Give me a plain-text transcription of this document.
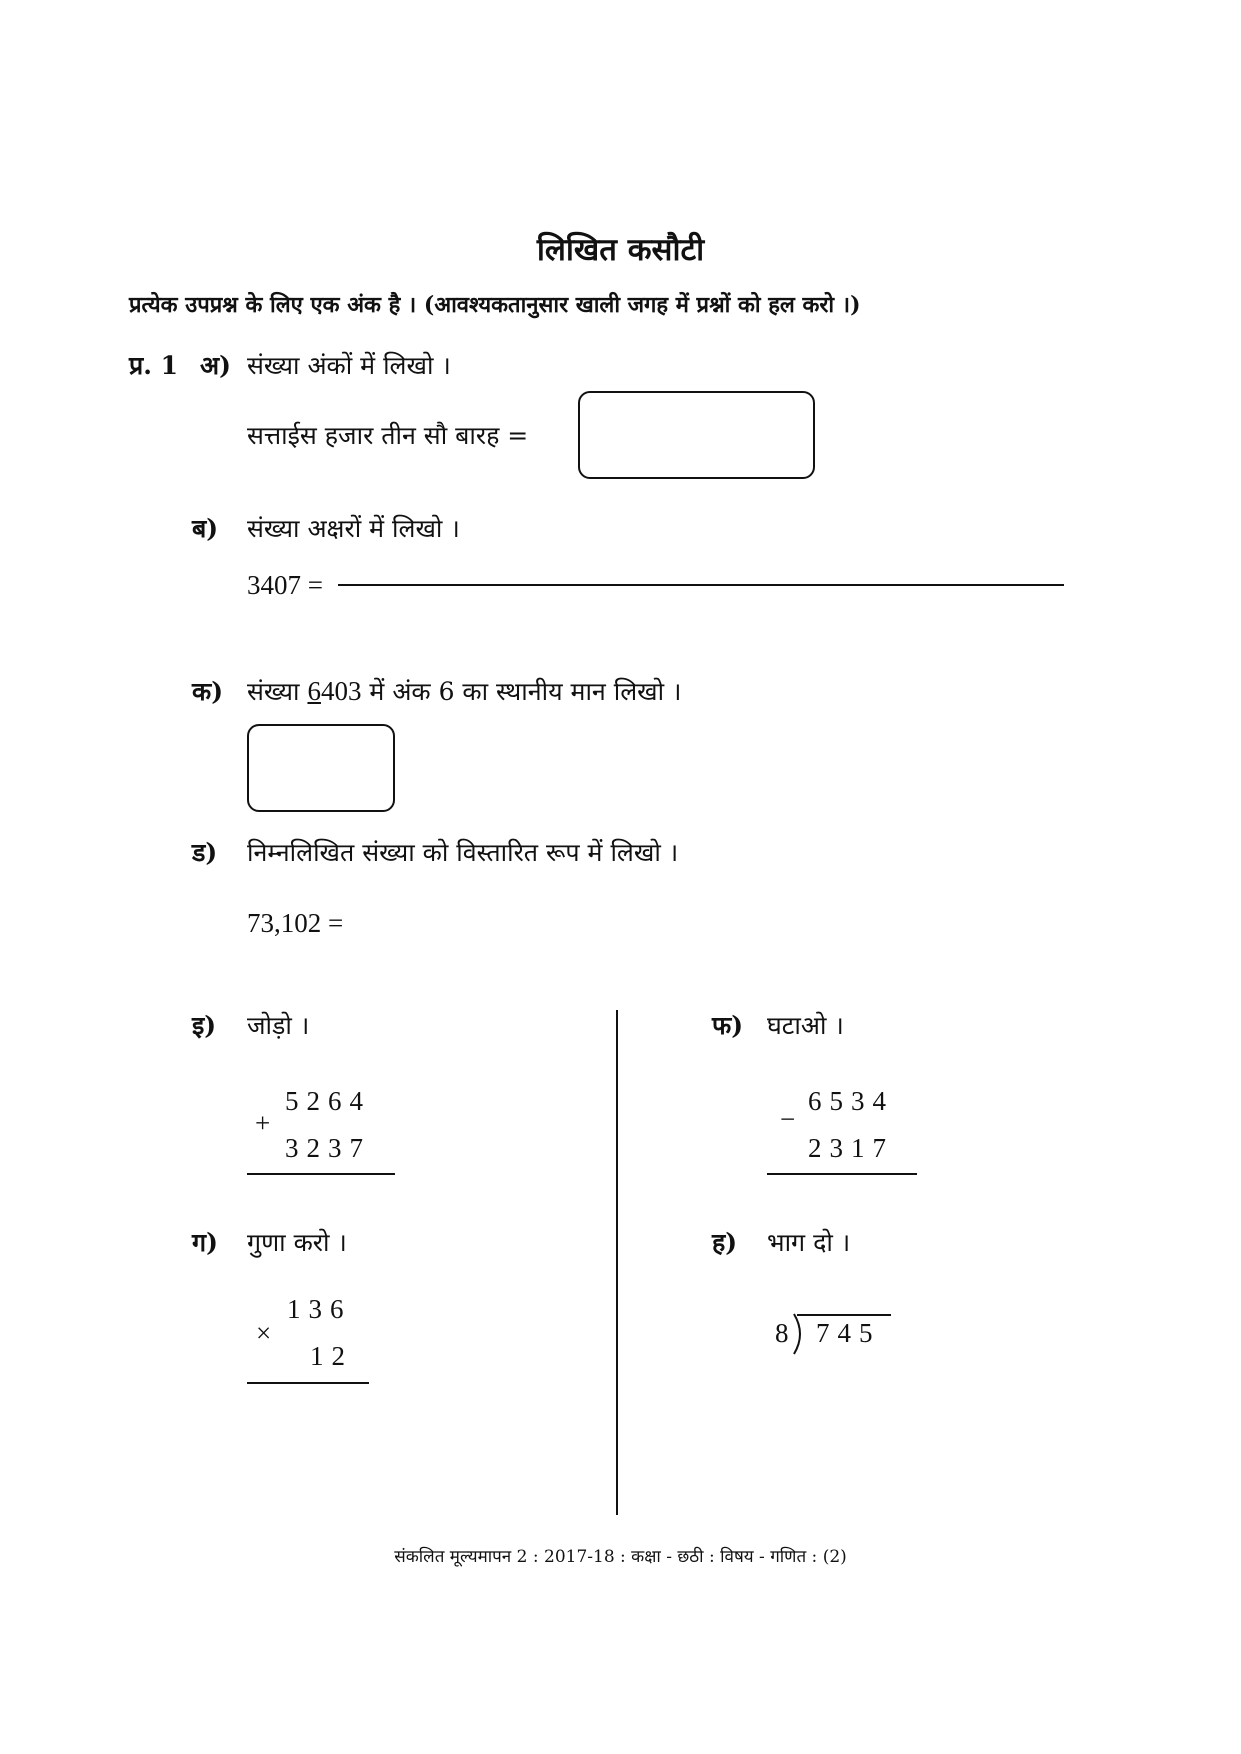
लिखित कसौटी
प्रत्येक उपप्रश्न के लिए एक अंक है । (आवश्यकतानुसार खाली जगह में प्रश्नों को हल करो ।)
प्र. 1 अ) संख्या अंकों में लिखो ।
सत्ताईस हजार तीन सौ बारह =
ब) संख्या अक्षरों में लिखो ।
3407 =
क) संख्या 6403 में अंक 6 का स्थानीय मान लिखो ।
ड) निम्नलिखित संख्या को विस्तारित रूप में लिखो ।
73,102 =
इ) जोड़ो ।
5264
+
3237
फ) घटाओ ।
6534
−
2317
ग) गुणा करो ।
136
×
12
ह) भाग दो ।
8 745
संकलित मूल्यमापन 2 : 2017-18 : कक्षा - छठी : विषय - गणित : (2)
